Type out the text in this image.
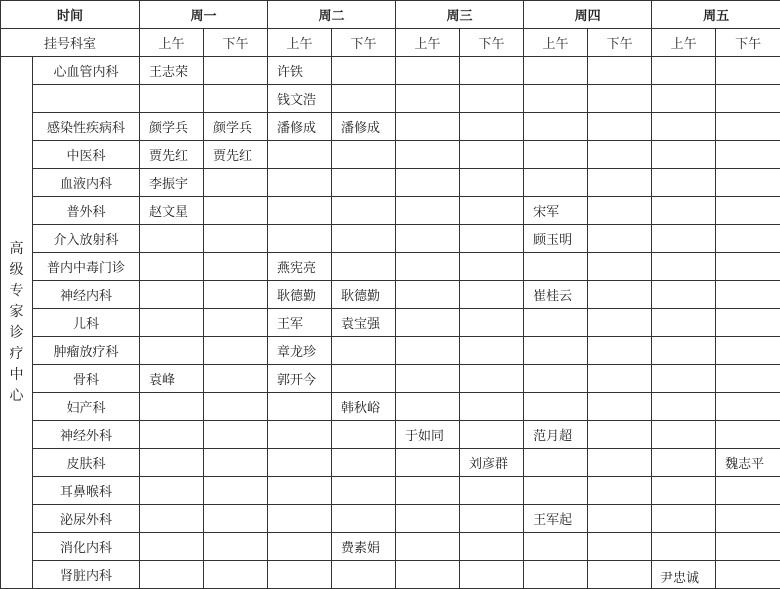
时间		周一		周二		周三		周四		周五	
挂号科室		上午	下午	上午	下午	上午	下午	上午	下午	上午	下午
高级专家诊疗中心	心血管内科	王志荣		许铁							
				钱文浩							
	感染性疾病科	颜学兵	颜学兵	潘修成	潘修成						
	中医科	贾先红	贾先红								
	血液内科	李振宇									
	普外科	赵文星						宋军			
	介入放射科							顾玉明			
	普内中毒门诊			燕宪亮							
	神经内科			耿德勤	耿德勤			崔桂云			
	儿科			王军	袁宝强						
	肿瘤放疗科			章龙珍							
	骨科	袁峰		郭开今							
	妇产科				韩秋峪						
	神经外科					于如同		范月超			
	皮肤科						刘彦群				魏志平
	耳鼻喉科										
	泌尿外科							王军起			
	消化内科				费素娟						
	肾脏内科											尹忠诚
